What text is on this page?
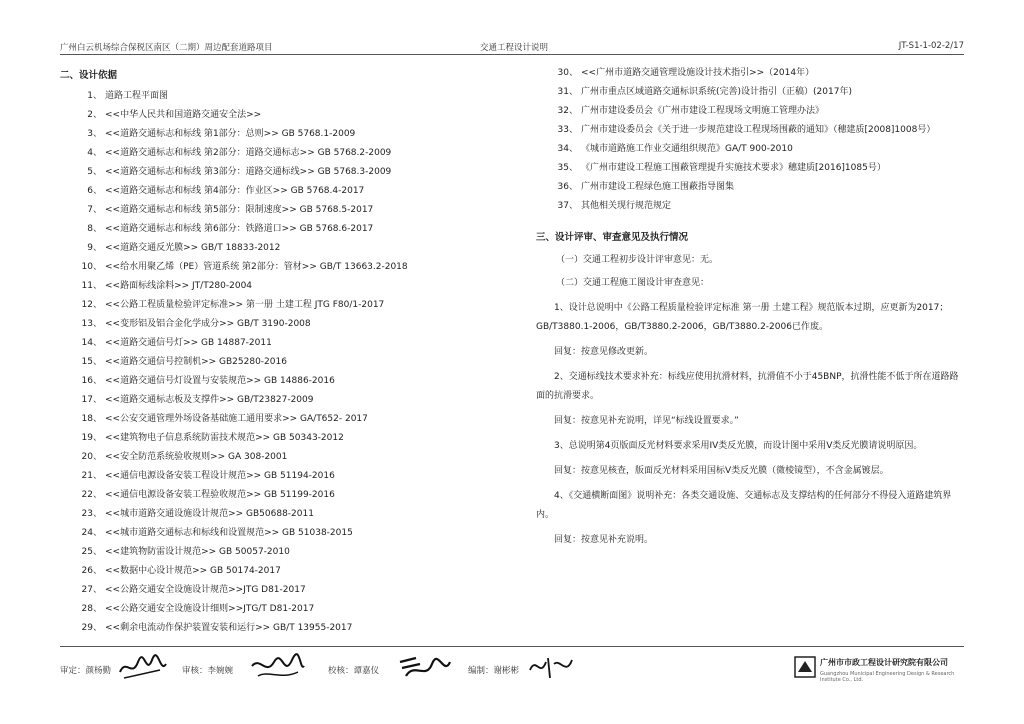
广州白云机场综合保税区南区（二期）周边配套道路项目	交通工程设计说明	JT-S1-1-02-2/17
二、设计依据
1、 道路工程平面图
2、 <<中华人民共和国道路交通安全法>>
3、 <<道路交通标志和标线 第1部分：总则>> GB 5768.1-2009
4、 <<道路交通标志和标线 第2部分：道路交通标志>> GB 5768.2-2009
5、 <<道路交通标志和标线 第3部分：道路交通标线>> GB 5768.3-2009
6、 <<道路交通标志和标线 第4部分：作业区>> GB 5768.4-2017
7、 <<道路交通标志和标线 第5部分：限制速度>> GB 5768.5-2017
8、 <<道路交通标志和标线 第6部分：铁路道口>> GB 5768.6-2017
9、 <<道路交通反光膜>> GB/T 18833-2012
10、 <<给水用聚乙烯（PE）管道系统 第2部分：管材>> GB/T 13663.2-2018
11、 <<路面标线涂料>> JT/T280-2004
12、 <<公路工程质量检验评定标准>> 第一册 土建工程 JTG F80/1-2017
13、 <<变形铝及铝合金化学成分>> GB/T 3190-2008
14、 <<道路交通信号灯>> GB 14887-2011
15、 <<道路交通信号控制机>> GB25280-2016
16、 <<道路交通信号灯设置与安装规范>> GB 14886-2016
17、 <<道路交通标志板及支撑件>> GB/T23827-2009
18、 <<公安交通管理外场设备基础施工通用要求>> GA/T652- 2017
19、 <<建筑物电子信息系统防雷技术规范>> GB 50343-2012
20、 <<安全防范系统验收规则>> GA 308-2001
21、 <<通信电源设备安装工程设计规范>> GB 51194-2016
22、 <<通信电源设备安装工程验收规范>> GB 51199-2016
23、 <<城市道路交通设施设计规范>> GB50688-2011
24、 <<城市道路交通标志和标线和设置规范>> GB 51038-2015
25、 <<建筑物防雷设计规范>> GB 50057-2010
26、 <<数据中心设计规范>> GB 50174-2017
27、 <<公路交通安全设施设计规范>>JTG D81-2017
28、 <<公路交通安全设施设计细则>>JTG/T D81-2017
29、 <<剩余电流动作保护装置安装和运行>> GB/T 13955-2017
30、 <<广州市道路交通管理设施设计技术指引>>（2014年）
31、 广州市重点区域道路交通标识系统(完善)设计指引（正稿）(2017年)
32、 广州市建设委员会《广州市建设工程现场文明施工管理办法》
33、 广州市建设委员会《关于进一步规范建设工程现场围蔽的通知》（穗建质[2008]1008号）
34、 《城市道路施工作业交通组织规范》GA/T 900-2010
35、 《广州市建设工程施工围蔽管理提升实施技术要求》穗建质[2016]1085号）
36、 广州市建设工程绿色施工围蔽指导图集
37、 其他相关现行规范规定
三、设计评审、审查意见及执行情况
（一）交通工程初步设计评审意见：无。
（二）交通工程施工图设计审查意见：
1、设计总说明中《公路工程质量检验评定标准 第一册 土建工程》规范版本过期，应更新为2017；GB/T3880.1-2006，GB/T3880.2-2006，GB/T3880.2-2006已作废。
回复：按意见修改更新。
2、交通标线技术要求补充：标线应使用抗滑材料，抗滑值不小于45BNP，抗滑性能不低于所在道路路面的抗滑要求。
回复：按意见补充说明，详见“标线设置要求。”
3、总说明第4页版面反光材料要求采用IV类反光膜，而设计图中采用V类反光膜请说明原因。
回复：按意见核查，版面反光材料采用国标V类反光膜（微棱镜型），不含金属镀层。
4、《交通横断面图》说明补充：各类交通设施、交通标志及支撑结构的任何部分不得侵入道路建筑界内。
回复：按意见补充说明。
审定：颜杨勤	审核：李婉婉	校核：谭嘉仪	编制：谢彬彬
广州市市政工程设计研究院有限公司
Guangzhou Municipal Engineering Design & Research Institute Co., Ltd.
